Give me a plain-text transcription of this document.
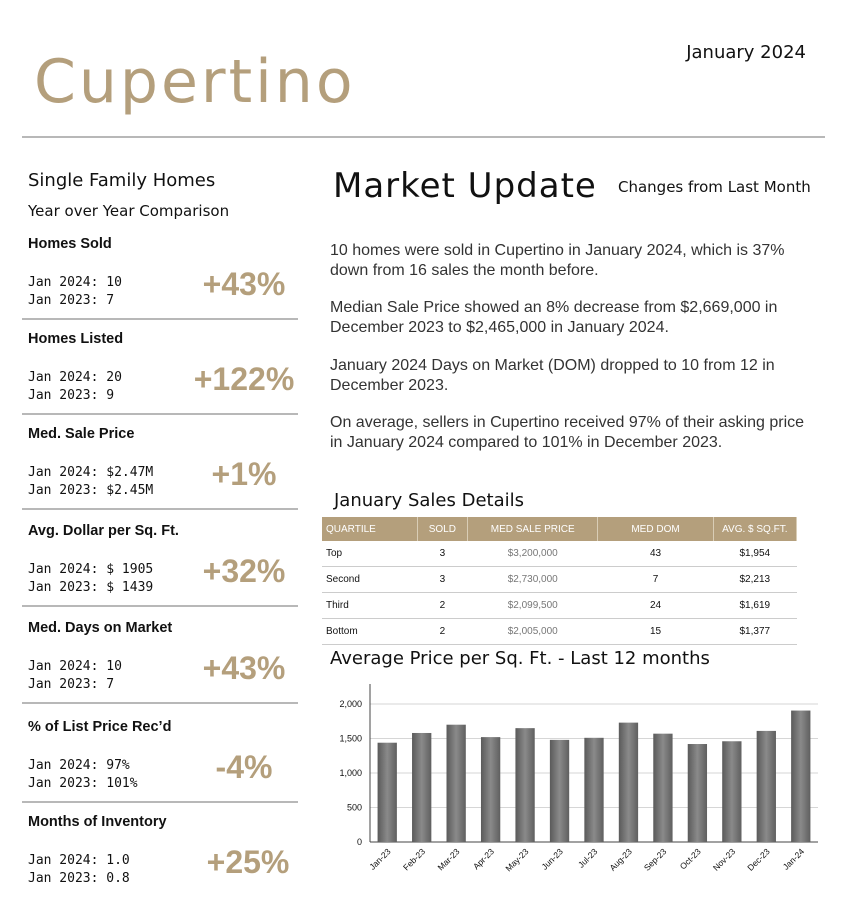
Cupertino	January 2024
Single Family Homes
Year over Year Comparison
Homes Sold
Jan 2024: 10
Jan 2023: 7	+43%
Homes Listed
Jan 2024: 20
Jan 2023: 9	+122%
Med. Sale Price
Jan 2024: $2.47M
Jan 2023: $2.45M	+1%
Avg. Dollar per Sq. Ft.
Jan 2024: $ 1905
Jan 2023: $ 1439	+32%
Med. Days on Market
Jan 2024: 10
Jan 2023: 7	+43%
% of List Price Rec’d
Jan 2024: 97%
Jan 2023: 101%	-4%
Months of Inventory
Jan 2024: 1.0
Jan 2023: 0.8	+25%
Market Update Changes from Last Month
10 homes were sold in Cupertino in January 2024, which is 37% down from 16 sales the month before.
Median Sale Price showed an 8% decrease from $2,669,000 in December 2023 to $2,465,000 in January 2024.
January 2024 Days on Market (DOM) dropped to 10 from 12 in December 2023.
On average, sellers in Cupertino received 97% of their asking price in January 2024 compared to 101% in December 2023.
January Sales Details
QUARTILE	SOLD	MED SALE PRICE	MED DOM	AVG. $ SQ.FT.
Top	3	$3,200,000	43	$1,954
Second	3	$2,730,000	7	$2,213
Third	2	$2,099,500	24	$1,619
Bottom	2	$2,005,000	15	$1,377
Average Price per Sq. Ft. - Last 12 months
0
500
1,000
1,500
2,000
Jan-23 Feb-23 Mar-23 Apr-23 May-23 Jun-23 Jul-23 Aug-23 Sep-23 Oct-23 Nov-23 Dec-23 Jan-24
